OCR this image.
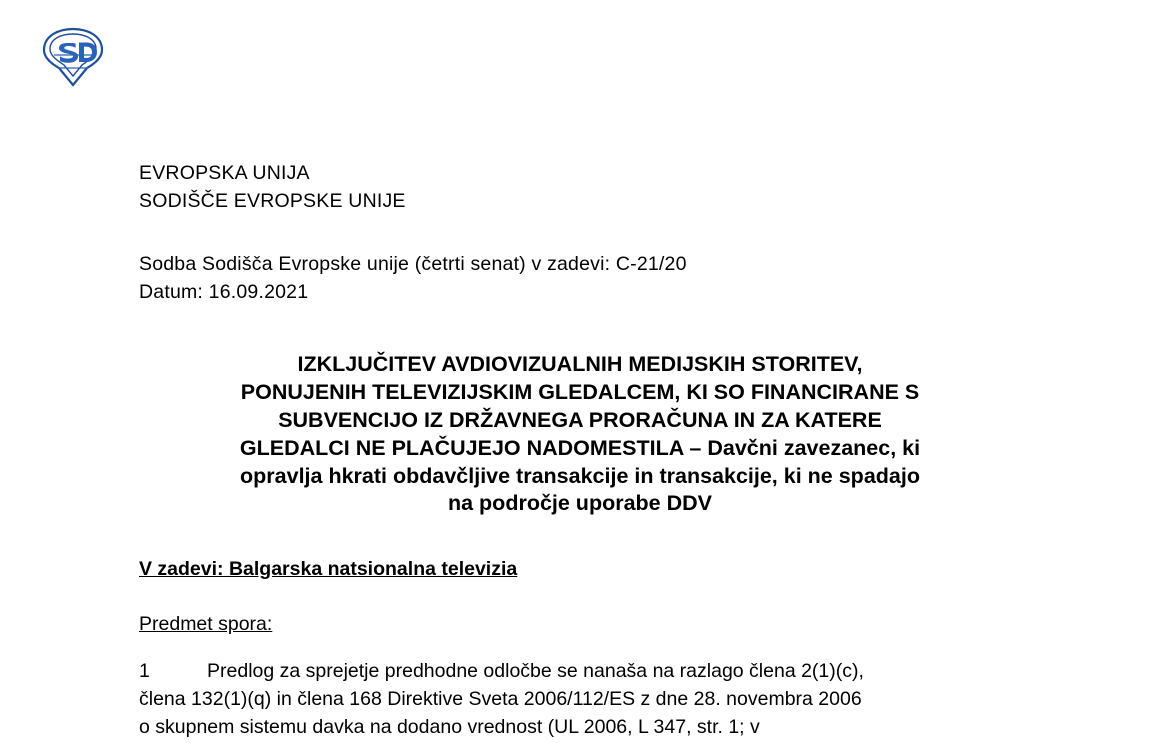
EVROPSKA UNIJA
SODIŠČE EVROPSKE UNIJE
Sodba Sodišča Evropske unije (četrti senat) v zadevi: C-21/20
Datum: 16.09.2021
IZKLJUČITEV AVDIOVIZUALNIH MEDIJSKIH STORITEV,
PONUJENIH TELEVIZIJSKIM GLEDALCEM, KI SO FINANCIRANE S
SUBVENCIJO IZ DRŽAVNEGA PRORAČUNA IN ZA KATERE
GLEDALCI NE PLAČUJEJO NADOMESTILA – Davčni zavezanec, ki
opravlja hkrati obdavčljive transakcije in transakcije, ki ne spadajo
na področje uporabe DDV
V zadevi: Balgarska natsionalna televizia
Predmet spora:
1	Predlog za sprejetje predhodne odločbe se nanaša na razlago člena 2(1)(c),
člena 132(1)(q) in člena 168 Direktive Sveta 2006/112/ES z dne 28. novembra 2006
o skupnem sistemu davka na dodano vrednost (UL 2006, L 347, str. 1; v
